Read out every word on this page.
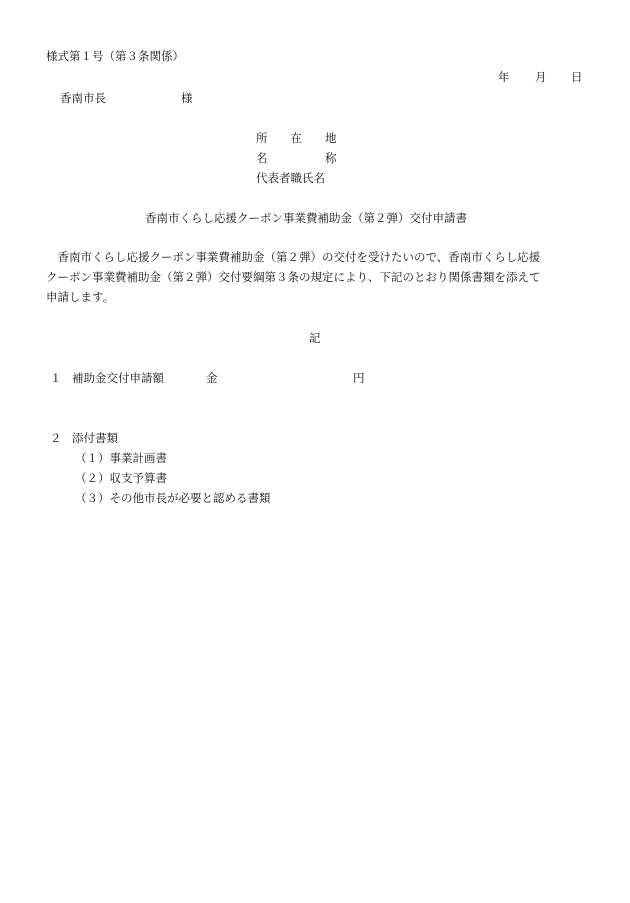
様式第１号（第３条関係）
年 月 日
香南市長	様
所　　在　　地
名　　　　　称
代表者職氏名
香南市くらし応援クーポン事業費補助金（第２弾）交付申請書
　香南市くらし応援クーポン事業費補助金（第２弾）の交付を受けたいので、香南市くらし応援
クーポン事業費補助金（第２弾）交付要綱第３条の規定により、下記のとおり関係書類を添えて
申請します。
記
１ 補助金交付申請額	金	円
２ 添付書類
（１）事業計画書
（２）収支予算書
（３）その他市長が必要と認める書類
